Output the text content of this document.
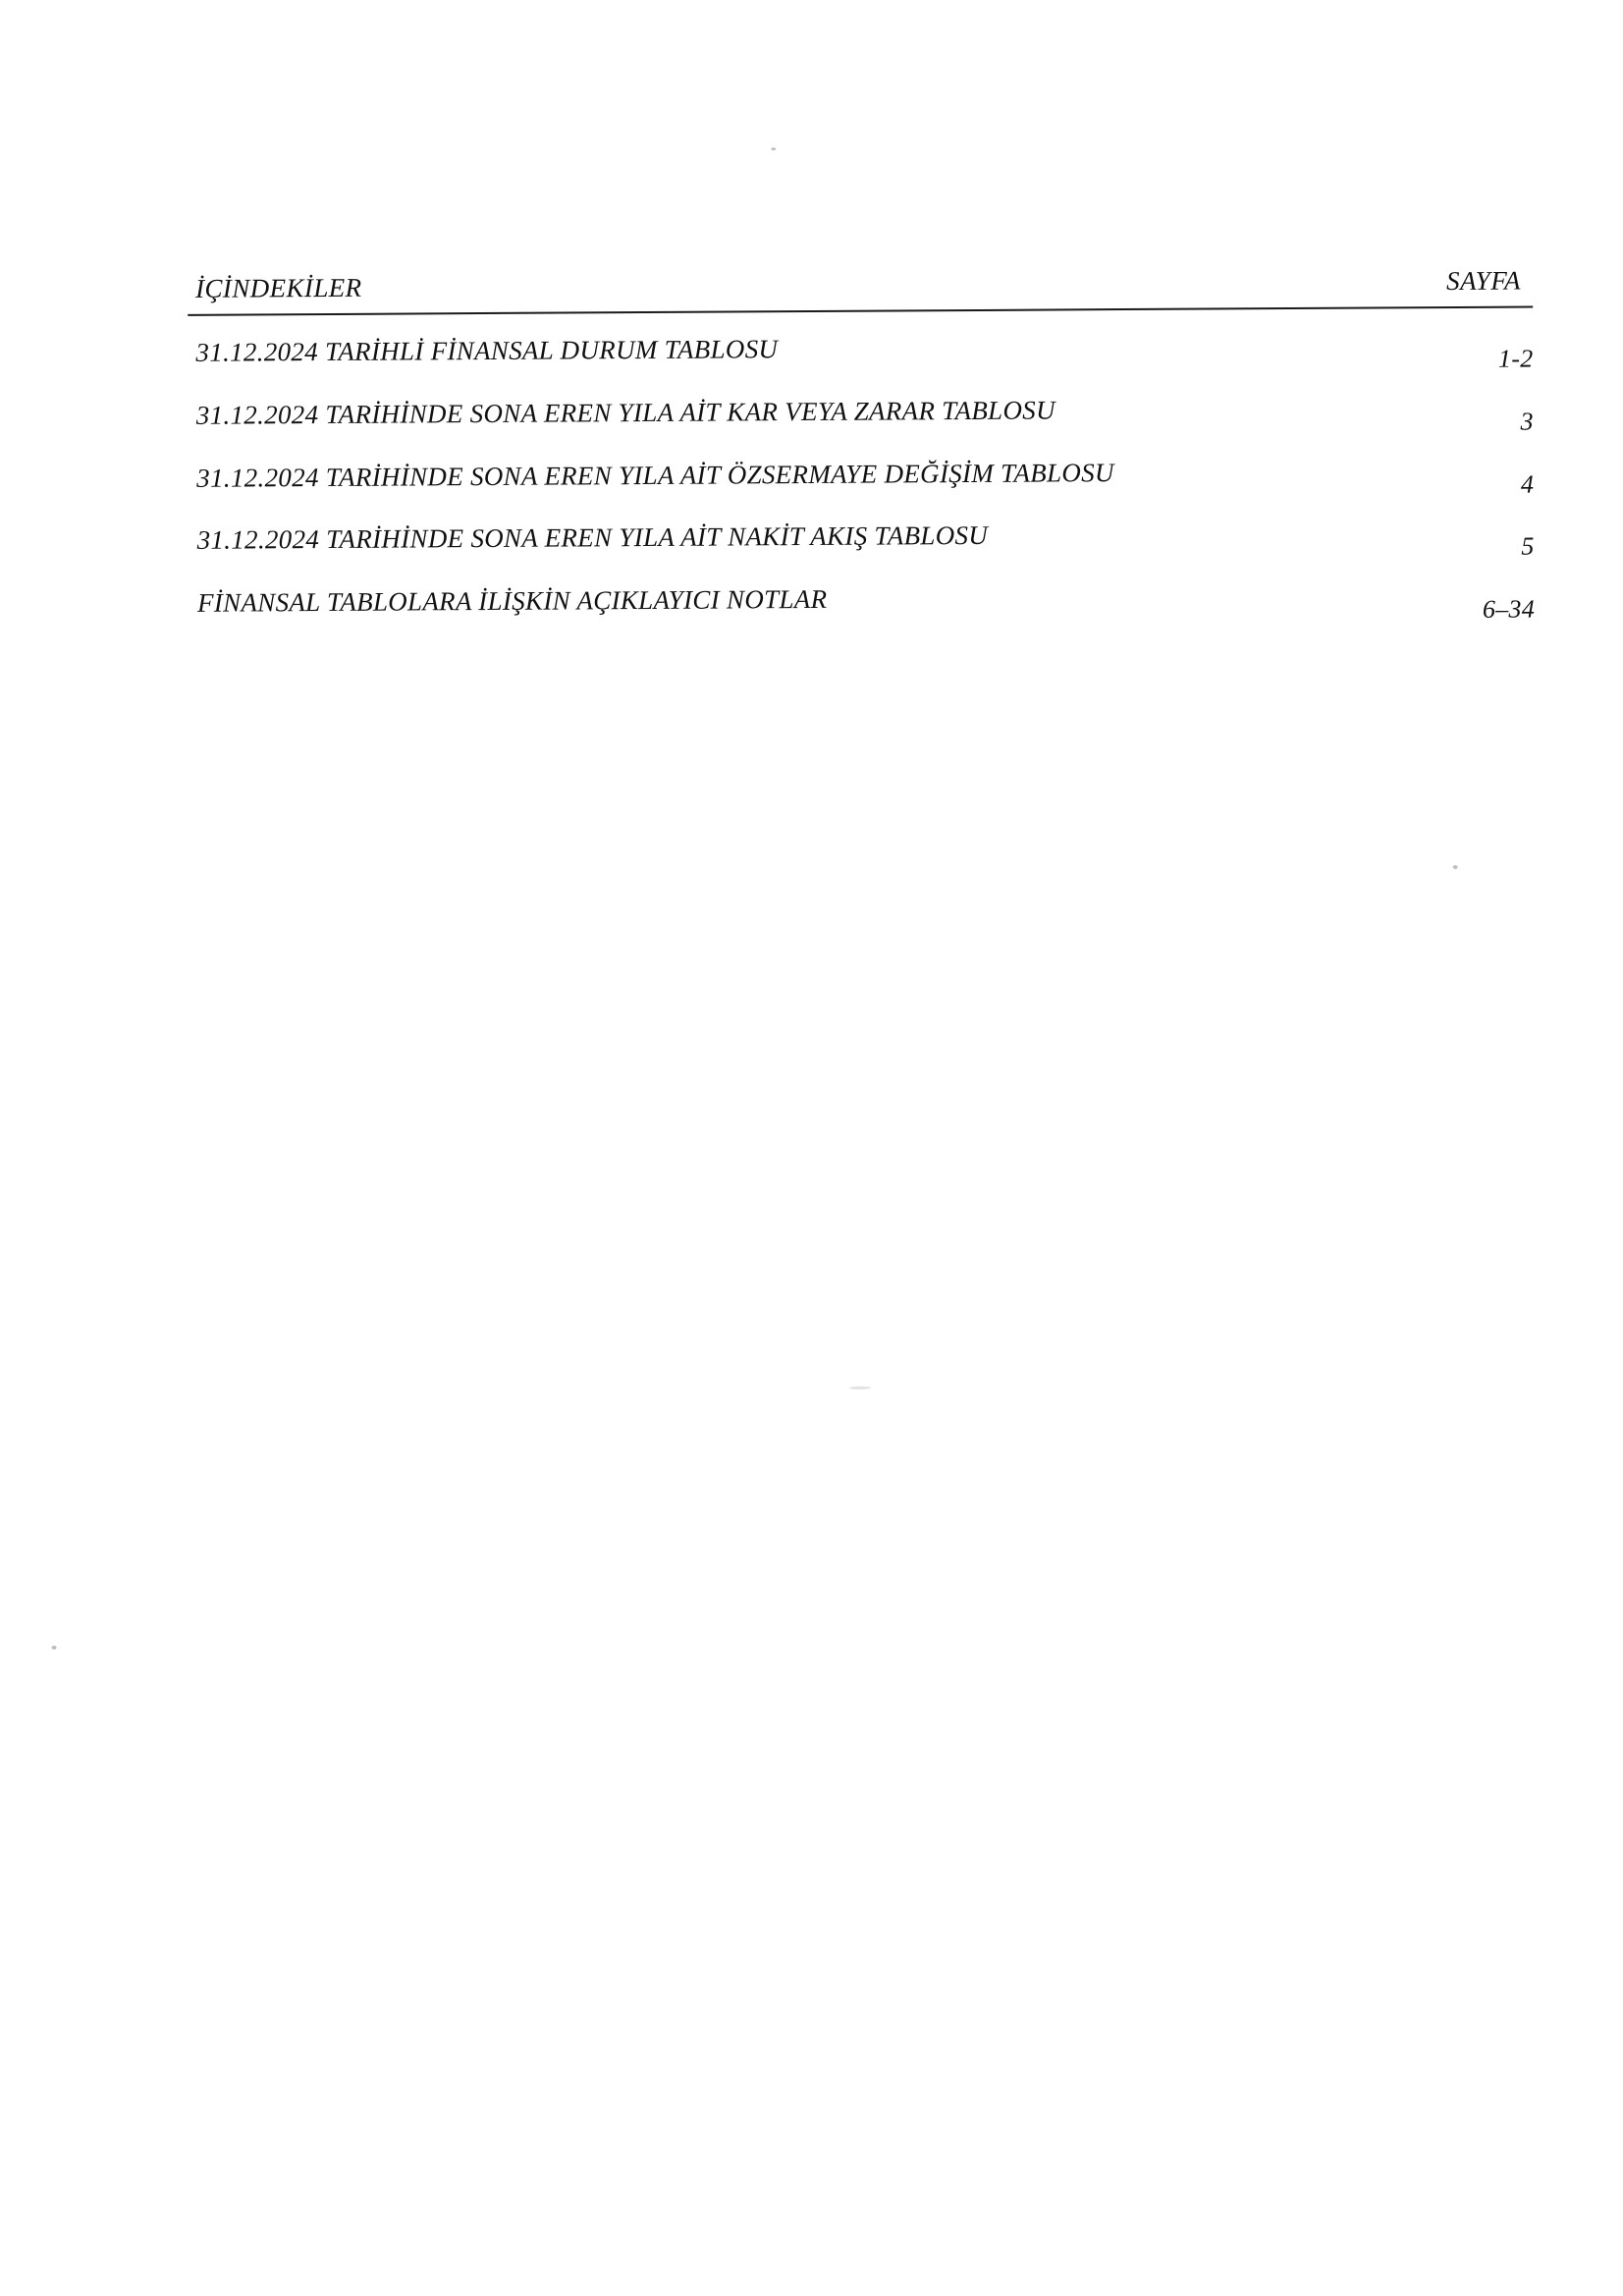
İÇİNDEKİLER	SAYFA
31.12.2024 TARİHLİ FİNANSAL DURUM TABLOSU	1-2
31.12.2024 TARİHİNDE SONA EREN YILA AİT KAR VEYA ZARAR TABLOSU	3
31.12.2024 TARİHİNDE SONA EREN YILA AİT ÖZSERMAYE DEĞİŞİM TABLOSU	4
31.12.2024 TARİHİNDE SONA EREN YILA AİT NAKİT AKIŞ TABLOSU	5
FİNANSAL TABLOLARA İLİŞKİN AÇIKLAYICI NOTLAR	6–34
